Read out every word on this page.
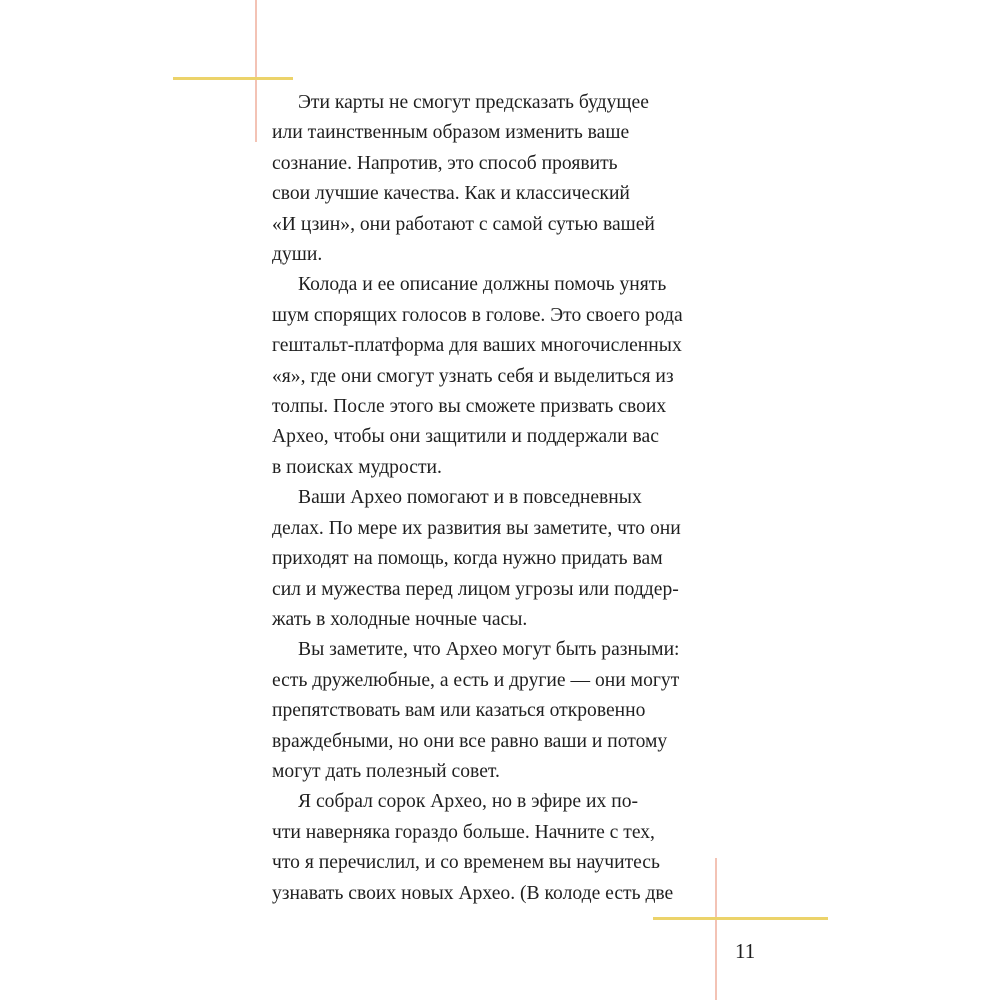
Эти карты не смогут предсказать будущее
или таинственным образом изменить ваше
сознание. Напротив, это способ проявить
свои лучшие качества. Как и классический
«И цзин», они работают с самой сутью вашей
души.

Колода и ее описание должны помочь унять
шум спорящих голосов в голове. Это своего рода
гештальт-платформа для ваших многочисленных
«я», где они смогут узнать себя и выделиться из
толпы. После этого вы сможете призвать своих
Архео, чтобы они защитили и поддержали вас
в поисках мудрости.

Ваши Архео помогают и в повседневных
делах. По мере их развития вы заметите, что они
приходят на помощь, когда нужно придать вам
сил и мужества перед лицом угрозы или поддер-
жать в холодные ночные часы.

Вы заметите, что Архео могут быть разными:
есть дружелюбные, а есть и другие — они могут
препятствовать вам или казаться откровенно
враждебными, но они все равно ваши и потому
могут дать полезный совет.

Я собрал сорок Архео, но в эфире их по-
чти наверняка гораздо больше. Начните с тех,
что я перечислил, и со временем вы научитесь
узнавать своих новых Архео. (В колоде есть две

11
